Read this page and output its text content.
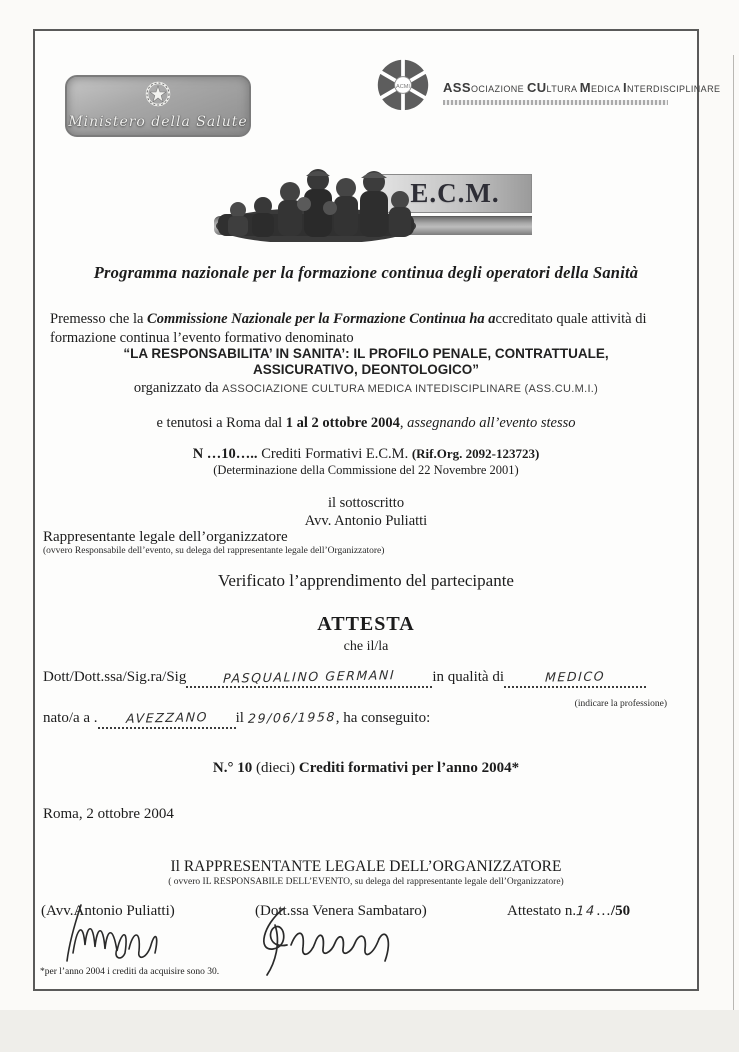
Ministero della Salute
ACMI	ASSOCIAZIONE CULTURA MEDICA INTERDISCIPLINARE
E.C.M.
Programma nazionale per la formazione continua degli operatori della Sanità
Premesso che la Commissione Nazionale per la Formazione Continua ha accreditato quale attività di formazione continua l’evento formativo denominato
“LA RESPONSABILITA’ IN SANITA’: IL PROFILO PENALE, CONTRATTUALE,
ASSICURATIVO, DEONTOLOGICO”
organizzato da ASSOCIAZIONE CULTURA MEDICA INTEDISCIPLINARE (ASS.CU.M.I.)
e tenutosi a Roma dal 1 al 2 ottobre 2004, assegnando all’evento stesso
N …10….. Crediti Formativi E.C.M. (Rif.Org. 2092-123723)
(Determinazione della Commissione del 22 Novembre 2001)
il sottoscritto
Avv. Antonio Puliatti
Rappresentante legale dell’organizzatore
(ovvero Responsabile dell’evento, su delega del rappresentante legale dell’Organizzatore)
Verificato l’apprendimento del partecipante
ATTESTA
che il/la
Dott/Dott.ssa/Sig.ra/Sig	PASQUALINO GERMANI in qualità di	MEDICO
(indicare la professione)
nato/a a . AVEZZANO il 29/06/1958, ha conseguito:
N.° 10 (dieci) Crediti formativi per l’anno 2004*
Roma, 2 ottobre 2004
Il RAPPRESENTANTE LEGALE DELL’ORGANIZZATORE
( ovvero IL RESPONSABILE DELL’EVENTO, su delega del rappresentante legale dell’Organizzatore)
(Avv.Antonio Puliatti)	(Dott.ssa Venera Sambataro)	Attestato n.14…/50
*per l’anno 2004 i crediti da acquisire sono 30.
